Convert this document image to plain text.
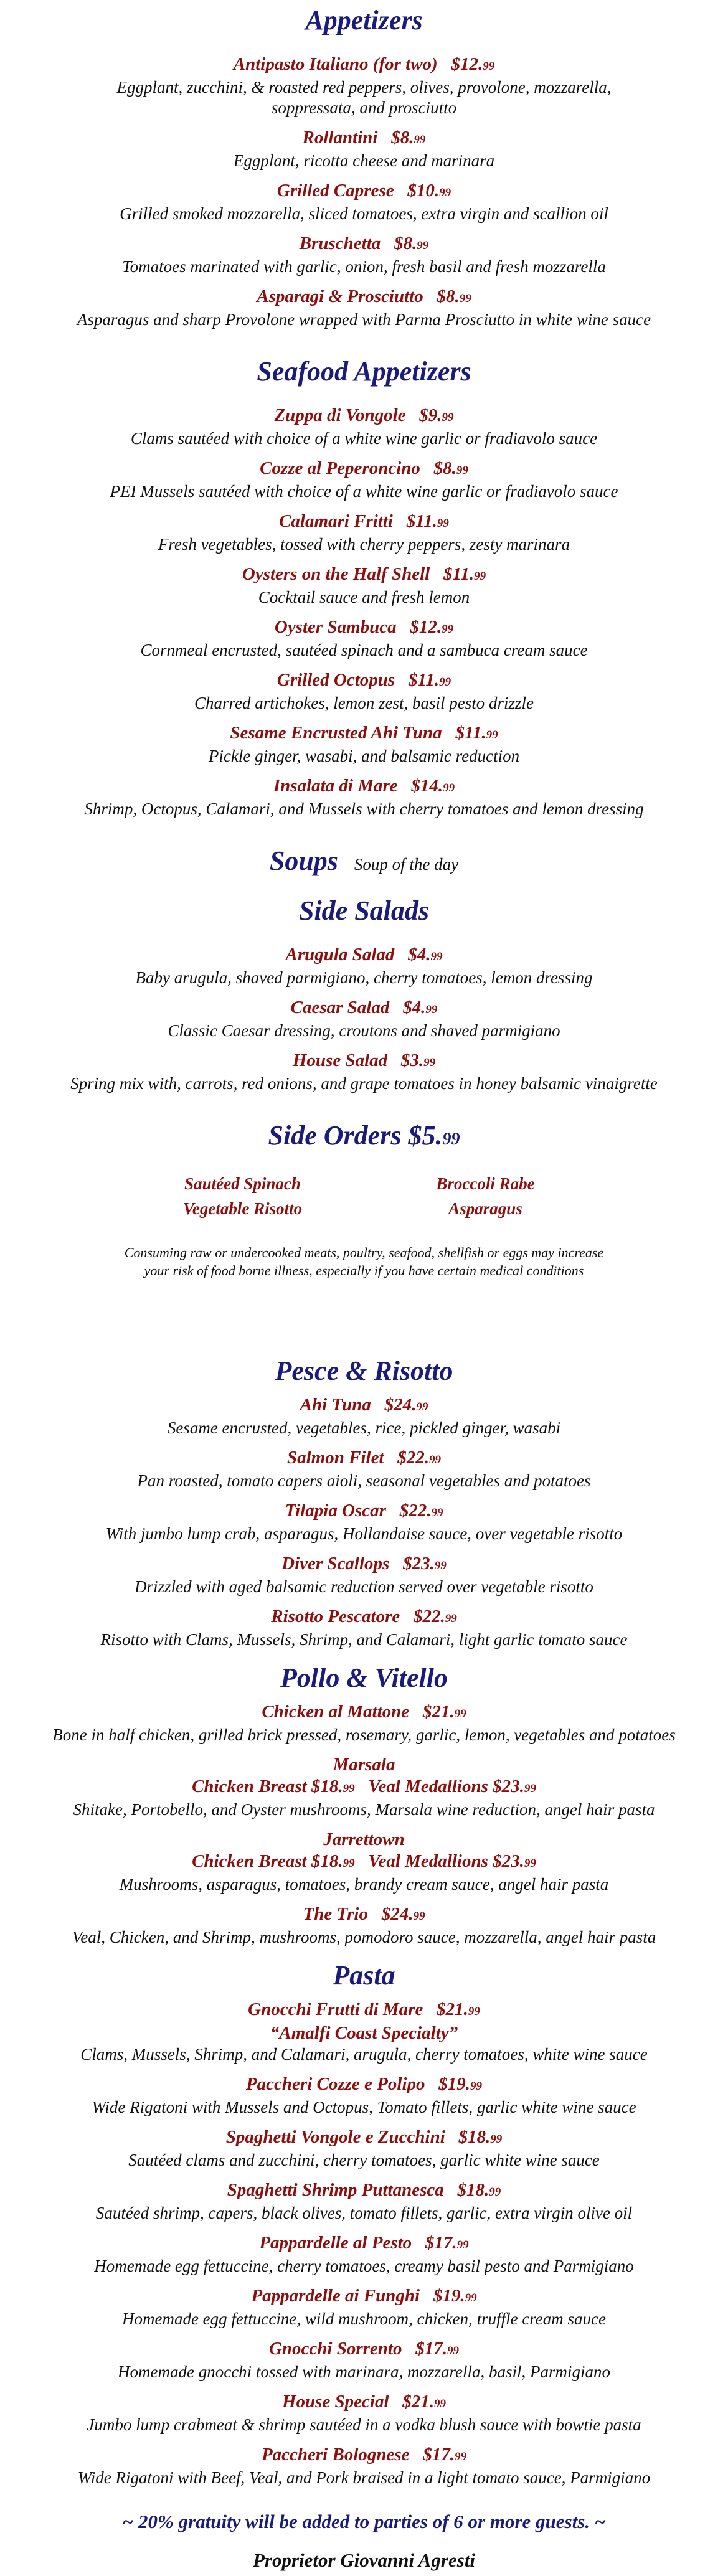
Appetizers

Antipasto Italiano (for two) $12.99

Eggplant, zucchini, & roasted red peppers, olives, provolone, mozzarella,

soppressata, and prosciutto

Rollantini $8.99

Eggplant, ricotta cheese and marinara

Grilled Caprese $10.99

Grilled smoked mozzarella, sliced tomatoes, extra virgin and scallion oil

Bruschetta $8.99

Tomatoes marinated with garlic, onion, fresh basil and fresh mozzarella

Asparagi & Prosciutto $8.99

Asparagus and sharp Provolone wrapped with Parma Prosciutto in white wine sauce

Seafood Appetizers

Zuppa di Vongole $9.99

Clams sautéed with choice of a white wine garlic or fradiavolo sauce

Cozze al Peperoncino $8.99

PEI Mussels sautéed with choice of a white wine garlic or fradiavolo sauce

Calamari Fritti $11.99

Fresh vegetables, tossed with cherry peppers, zesty marinara

Oysters on the Half Shell $11.99

Cocktail sauce and fresh lemon

Oyster Sambuca $12.99

Cornmeal encrusted, sautéed spinach and a sambuca cream sauce

Grilled Octopus $11.99

Charred artichokes, lemon zest, basil pesto drizzle

Sesame Encrusted Ahi Tuna $11.99

Pickle ginger, wasabi, and balsamic reduction

Insalata di Mare $14.99

Shrimp, Octopus, Calamari, and Mussels with cherry tomatoes and lemon dressing

Soups Soup of the day
Side Salads

Arugula Salad $4.99

Baby arugula, shaved parmigiano, cherry tomatoes, lemon dressing

Caesar Salad $4.99

Classic Caesar dressing, croutons and shaved parmigiano

House Salad $3.99

Spring mix with, carrots, red onions, and grape tomatoes in honey balsamic vinaigrette

Side Orders $5.99

Sautéed Spinach	Broccoli Rabe

Vegetable Risotto	Asparagus

Consuming raw or undercooked meats, poultry, seafood, shellfish or eggs may increase

your risk of food borne illness, especially if you have certain medical conditions

Pesce & Risotto

Ahi Tuna $24.99

Sesame encrusted, vegetables, rice, pickled ginger, wasabi

Salmon Filet $22.99

Pan roasted, tomato capers aioli, seasonal vegetables and potatoes

Tilapia Oscar $22.99

With jumbo lump crab, asparagus, Hollandaise sauce, over vegetable risotto

Diver Scallops $23.99

Drizzled with aged balsamic reduction served over vegetable risotto

Risotto Pescatore $22.99

Risotto with Clams, Mussels, Shrimp, and Calamari, light garlic tomato sauce

Pollo & Vitello

Chicken al Mattone $21.99

Bone in half chicken, grilled brick pressed, rosemary, garlic, lemon, vegetables and potatoes

Marsala

Chicken Breast $18.99 Veal Medallions $23.99

Shitake, Portobello, and Oyster mushrooms, Marsala wine reduction, angel hair pasta

Jarrettown

Chicken Breast $18.99 Veal Medallions $23.99

Mushrooms, asparagus, tomatoes, brandy cream sauce, angel hair pasta

The Trio $24.99

Veal, Chicken, and Shrimp, mushrooms, pomodoro sauce, mozzarella, angel hair pasta

Pasta

Gnocchi Frutti di Mare $21.99

“Amalfi Coast Specialty”

Clams, Mussels, Shrimp, and Calamari, arugula, cherry tomatoes, white wine sauce

Paccheri Cozze e Polipo $19.99

Wide Rigatoni with Mussels and Octopus, Tomato fillets, garlic white wine sauce

Spaghetti Vongole e Zucchini $18.99

Sautéed clams and zucchini, cherry tomatoes, garlic white wine sauce

Spaghetti Shrimp Puttanesca $18.99

Sautéed shrimp, capers, black olives, tomato fillets, garlic, extra virgin olive oil

Pappardelle al Pesto $17.99

Homemade egg fettuccine, cherry tomatoes, creamy basil pesto and Parmigiano

Pappardelle ai Funghi $19.99

Homemade egg fettuccine, wild mushroom, chicken, truffle cream sauce

Gnocchi Sorrento $17.99

Homemade gnocchi tossed with marinara, mozzarella, basil, Parmigiano

House Special $21.99

Jumbo lump crabmeat & shrimp sautéed in a vodka blush sauce with bowtie pasta

Paccheri Bolognese $17.99

Wide Rigatoni with Beef, Veal, and Pork braised in a light tomato sauce, Parmigiano

~ 20% gratuity will be added to parties of 6 or more guests. ~

Proprietor Giovanni Agresti
